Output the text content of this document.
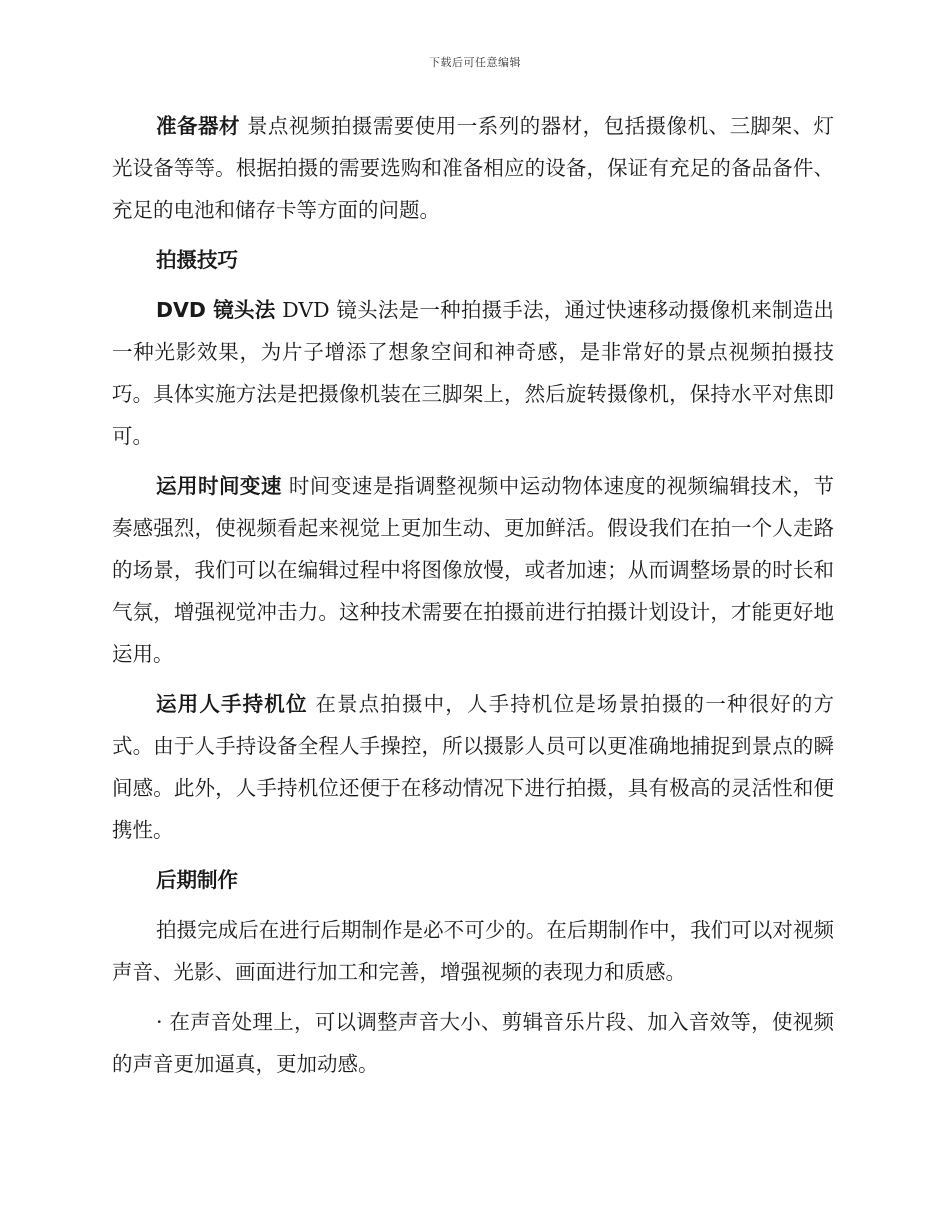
下载后可任意编辑

准备器材 景点视频拍摄需要使用一系列的器材，包括摄像机、三脚架、灯光设备等等。根据拍摄的需要选购和准备相应的设备，保证有充足的备品备件、充足的电池和储存卡等方面的问题。

拍摄技巧

DVD 镜头法 DVD 镜头法是一种拍摄手法，通过快速移动摄像机来制造出一种光影效果，为片子增添了想象空间和神奇感，是非常好的景点视频拍摄技巧。具体实施方法是把摄像机装在三脚架上，然后旋转摄像机，保持水平对焦即可。

运用时间变速 时间变速是指调整视频中运动物体速度的视频编辑技术，节奏感强烈，使视频看起来视觉上更加生动、更加鲜活。假设我们在拍一个人走路的场景，我们可以在编辑过程中将图像放慢，或者加速；从而调整场景的时长和气氛，增强视觉冲击力。这种技术需要在拍摄前进行拍摄计划设计，才能更好地运用。

运用人手持机位 在景点拍摄中，人手持机位是场景拍摄的一种很好的方式。由于人手持设备全程人手操控，所以摄影人员可以更准确地捕捉到景点的瞬间感。此外，人手持机位还便于在移动情况下进行拍摄，具有极高的灵活性和便携性。

后期制作

拍摄完成后在进行后期制作是必不可少的。在后期制作中，我们可以对视频声音、光影、画面进行加工和完善，增强视频的表现力和质感。

· 在声音处理上，可以调整声音大小、剪辑音乐片段、加入音效等，使视频的声音更加逼真，更加动感。
